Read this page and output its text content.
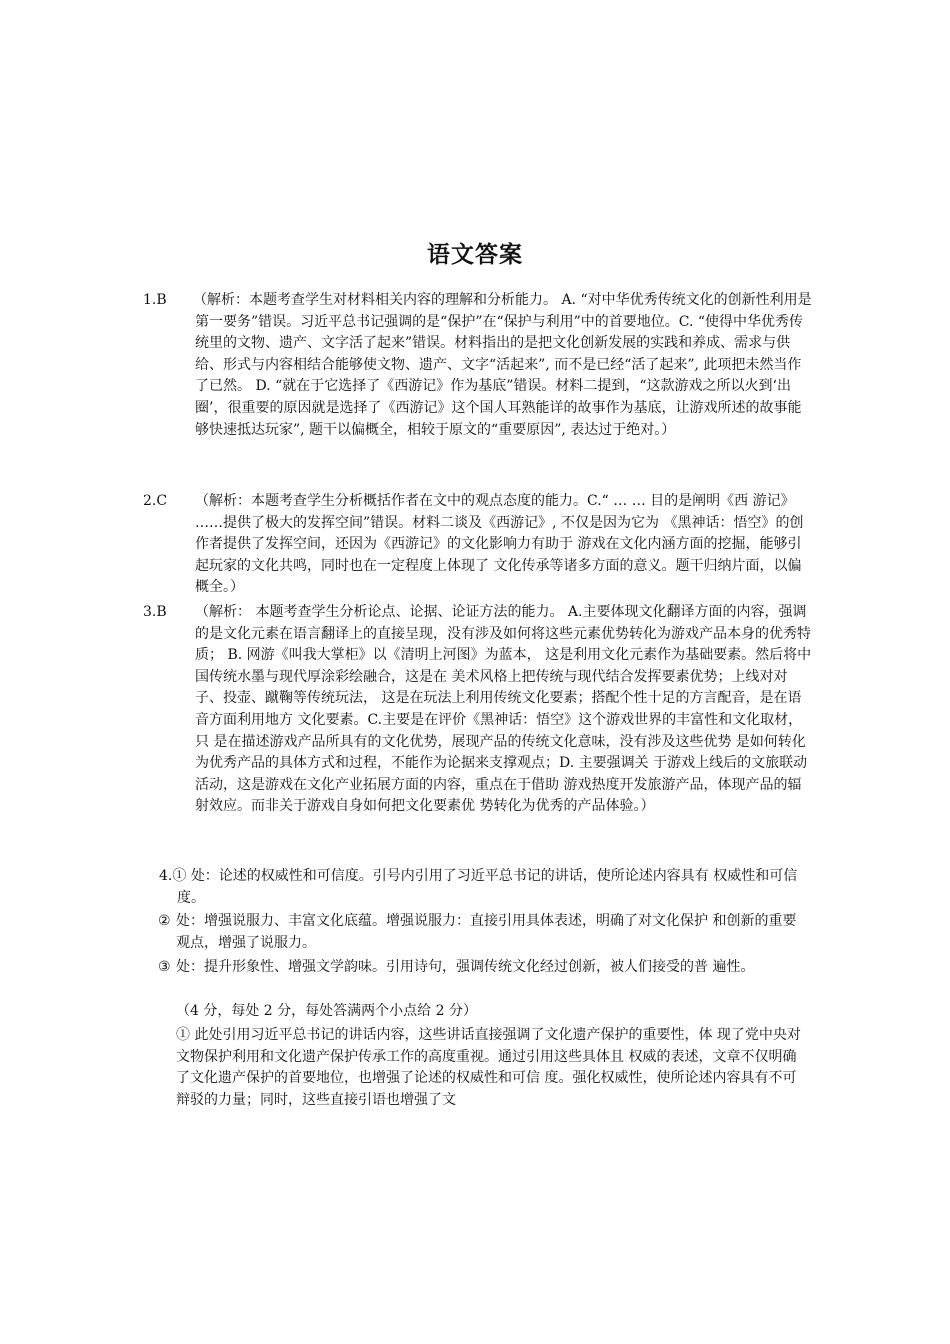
语文答案
1.B	（解析：本题考查学生对材料相关内容的理解和分析能力。 A. “对中华优秀传统文化的创新性利用是第一要务”错误。习近平总书记强调的是“保护”在“保护与利用”中的首要地位。C. “使得中华优秀传统里的文物、遗产、文字活了起来”错误。材料指出的是把文化创新发展的实践和养成、需求与供给、形式与内容相结合能够使文物、遗产、文字“活起来”, 而不是已经“活了起来”, 此项把未然当作了已然。 D. “就在于它选择了《西游记》作为基底”错误。材料二提到，“这款游戏之所以火到‘出圈’，很重要的原因就是选择了《西游记》这个国人耳熟能详的故事作为基底，让游戏所述的故事能够快速抵达玩家”, 题干以偏概全，相较于原文的“重要原因”, 表达过于绝对。）
2.C	（解析：本题考查学生分析概括作者在文中的观点态度的能力。C.“ … … 目的是阐明《西 游记》 ……提供了极大的发挥空间”错误。材料二谈及《西游记》, 不仅是因为它为 《黑神话：悟空》的创作者提供了发挥空间，还因为《西游记》的文化影响力有助于 游戏在文化内涵方面的挖掘，能够引起玩家的文化共鸣，同时也在一定程度上体现了 文化传承等诸多方面的意义。题干归纳片面，以偏概全。）
3.B	（解析： 本题考查学生分析论点、论据、论证方法的能力。 A.主要体现文化翻译方面的内容，强调的是文化元素在语言翻译上的直接呈现，没有涉及如何将这些元素优势转化为游戏产品本身的优秀特质； B. 网游《叫我大掌柜》以《清明上河图》为蓝本， 这是利用文化元素作为基础要素。然后将中国传统水墨与现代厚涂彩绘融合，这是在 美术风格上把传统与现代结合发挥要素优势；上线对对子、投壶、蹴鞠等传统玩法， 这是在玩法上利用传统文化要素；搭配个性十足的方言配音，是在语音方面利用地方 文化要素。C.主要是在评价《黑神话：悟空》这个游戏世界的丰富性和文化取材，只 是在描述游戏产品所具有的文化优势，展现产品的传统文化意味，没有涉及这些优势 是如何转化为优秀产品的具体方式和过程，不能作为论据来支撑观点；D. 主要强调关 于游戏上线后的文旅联动活动，这是游戏在文化产业拓展方面的内容，重点在于借助 游戏热度开发旅游产品，体现产品的辐射效应。而非关于游戏自身如何把文化要素优 势转化为优秀的产品体验。）
4.① 处：论述的权威性和可信度。引号内引用了习近平总书记的讲话，使所论述内容具有 权威性和可信度。
② 处：增强说服力、丰富文化底蕴。增强说服力：直接引用具体表述，明确了对文化保护 和创新的重要观点，增强了说服力。
③ 处：提升形象性、增强文学韵味。引用诗句，强调传统文化经过创新，被人们接受的普 遍性。
（4 分，每处 2 分，每处答满两个小点给 2 分）
① 此处引用习近平总书记的讲话内容，这些讲话直接强调了文化遗产保护的重要性，体 现了党中央对文物保护利用和文化遗产保护传承工作的高度重视。通过引用这些具体且 权威的表述，文章不仅明确了文化遗产保护的首要地位，也增强了论述的权威性和可信 度。强化权威性，使所论述内容具有不可辩驳的力量；同时，这些直接引语也增强了文
